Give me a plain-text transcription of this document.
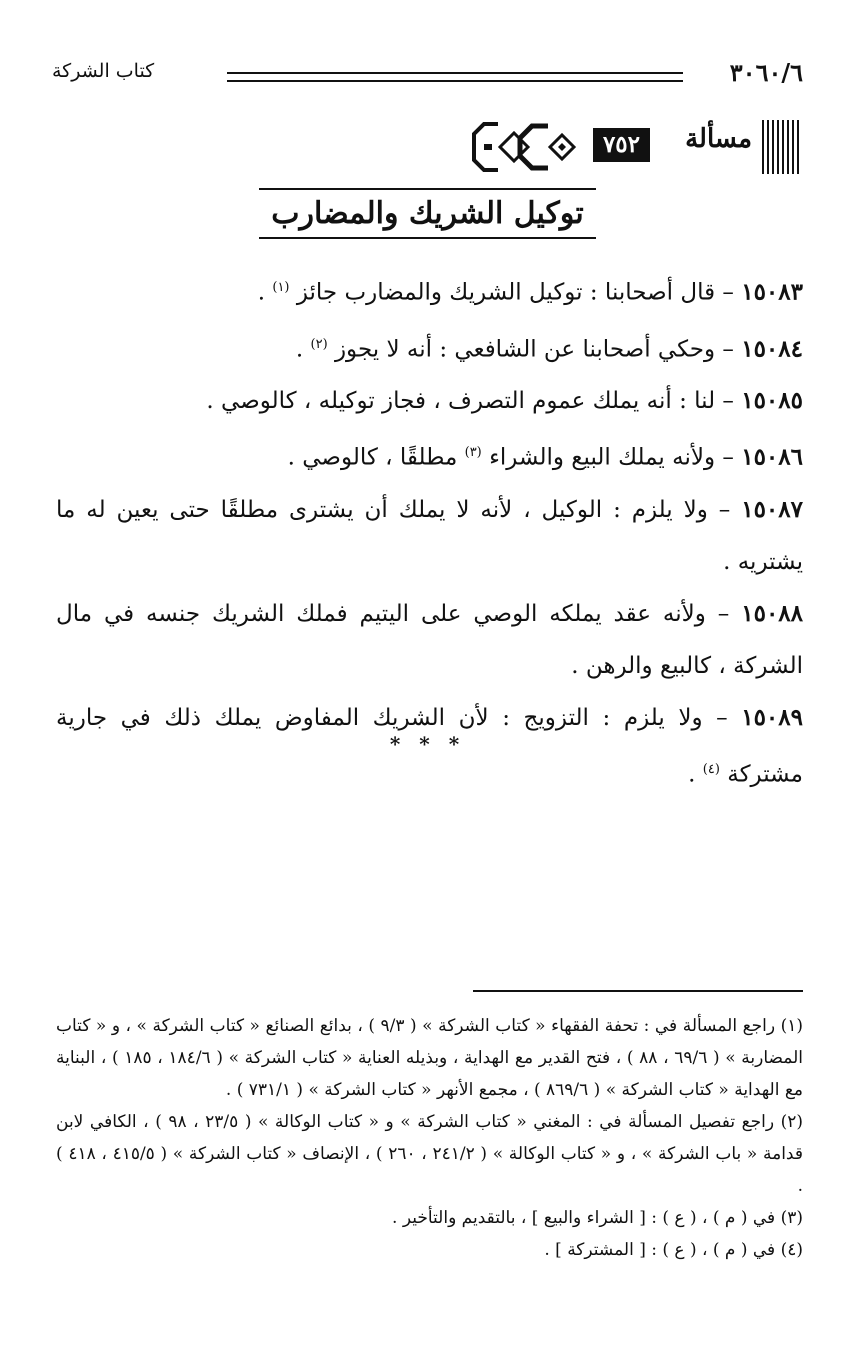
٣٠٦٠/٦
كتاب الشركة
مسألة
٧٥٢
توكيل الشريك والمضارب

١٥٠٨٣ – قال أصحابنا : توكيل الشريك والمضارب جائز $^{(١)}$ .

١٥٠٨٤ – وحكي أصحابنا عن الشافعي : أنه لا يجوز $^{(٢)}$ .

١٥٠٨٥ – لنا : أنه يملك عموم التصرف ، فجاز توكيله ، كالوصي .

١٥٠٨٦ – ولأنه يملك البيع والشراء $^{(٣)}$ مطلقًا ، كالوصي .

١٥٠٨٧ – ولا يلزم : الوكيل ، لأنه لا يملك أن يشترى مطلقًا حتى يعين له ما يشتريه .

١٥٠٨٨ – ولأنه عقد يملكه الوصي على اليتيم فملك الشريك جنسه في مال الشركة ، كالبيع والرهن .

١٥٠٨٩ – ولا يلزم : التزويج : لأن الشريك المفاوض يملك ذلك في جارية مشتركة $^{(٤)}$ .

* * *

(١) راجع المسألة في : تحفة الفقهاء « كتاب الشركة » ( ٩/٣ ) ، بدائع الصنائع « كتاب الشركة » ، و « كتاب المضاربة » ( ٦٩/٦ ، ٨٨ ) ، فتح القدير مع الهداية ، وبذيله العناية « كتاب الشركة » ( ١٨٤/٦ ، ١٨٥ ) ، البناية مع الهداية « كتاب الشركة » ( ٨٦٩/٦ ) ، مجمع الأنهر « كتاب الشركة » ( ٧٣١/١ ) .

(٢) راجع تفصيل المسألة في : المغني « كتاب الشركة » و « كتاب الوكالة » ( ٢٣/٥ ، ٩٨ ) ، الكافي لابن قدامة « باب الشركة » ، و « كتاب الوكالة » ( ٢٤١/٢ ، ٢٦٠ ) ، الإنصاف « كتاب الشركة » ( ٤١٥/٥ ، ٤١٨ ) .

(٣) في ( م ) ، ( ع ) : [ الشراء والبيع ] ، بالتقديم والتأخير .

(٤) في ( م ) ، ( ع ) : [ المشتركة ] .
